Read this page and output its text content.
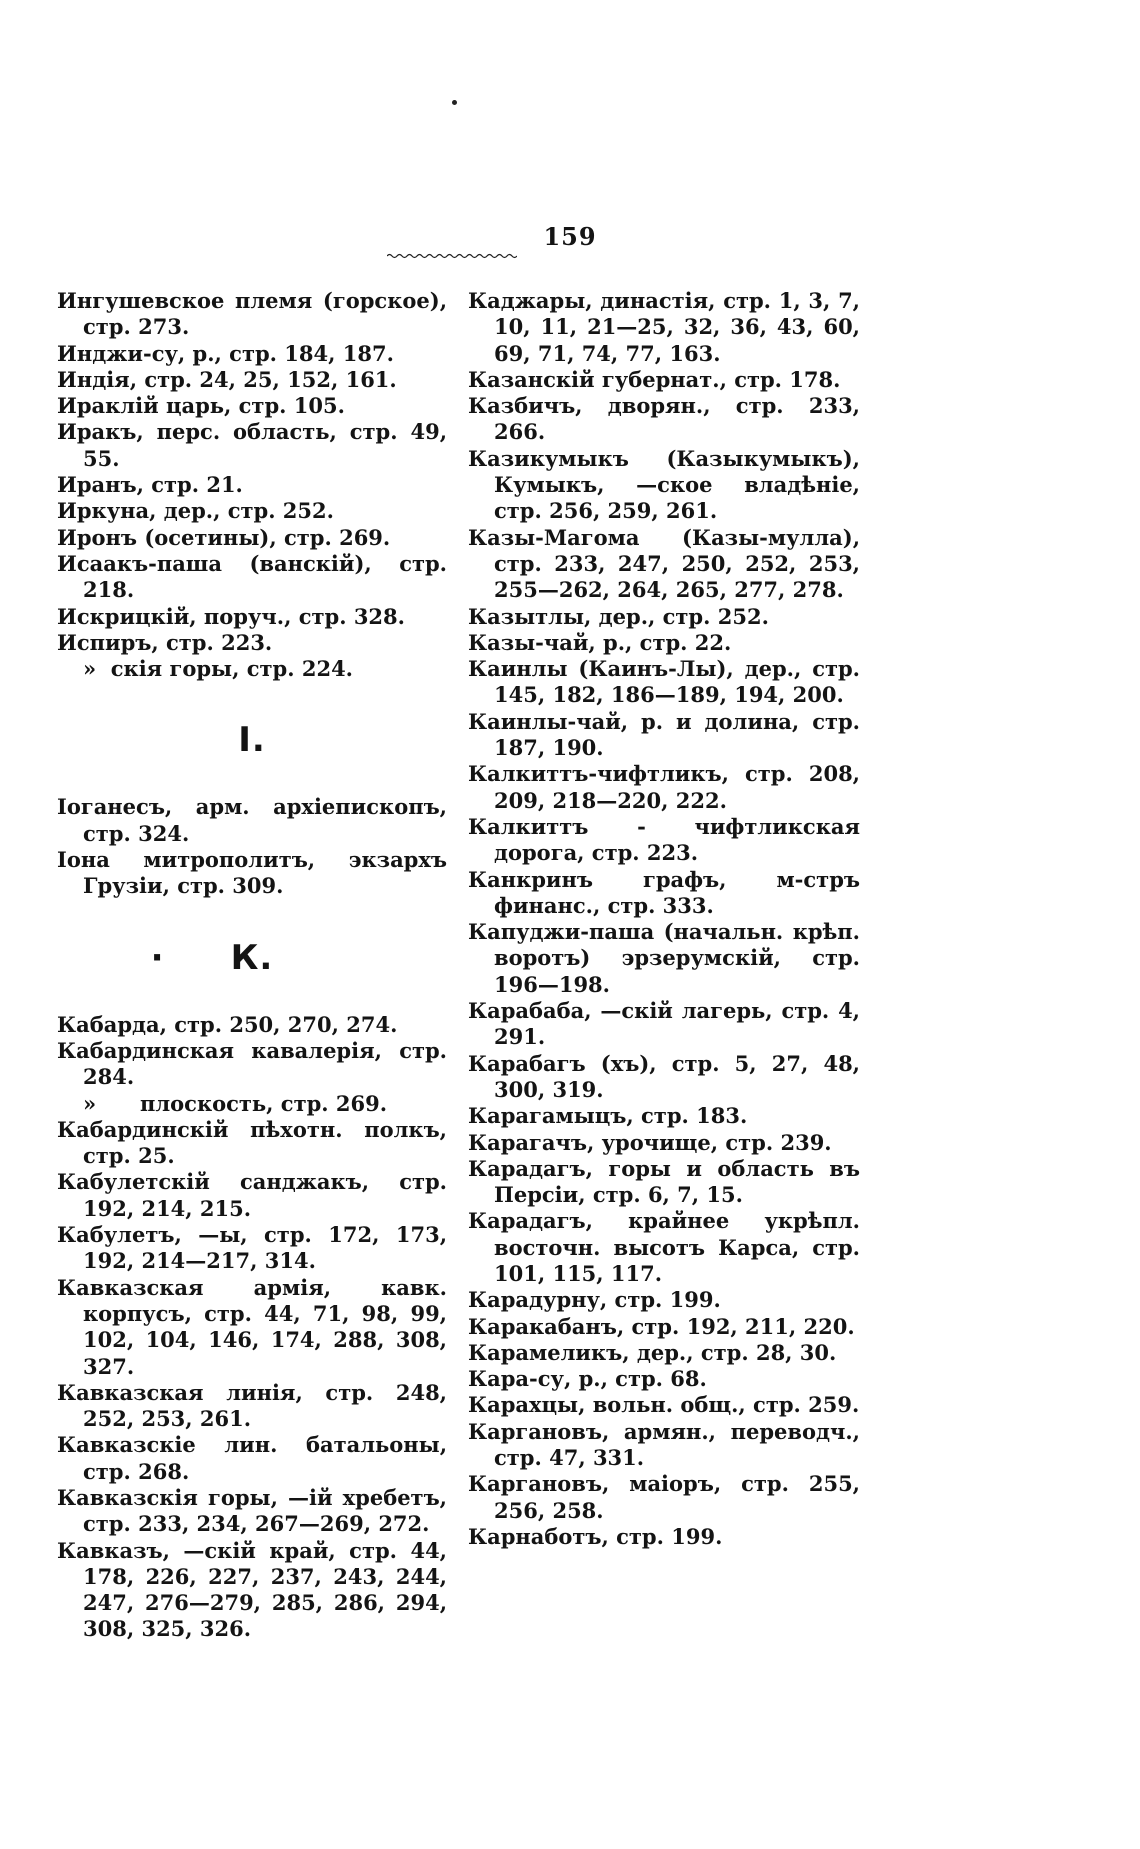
159

Ингушевское племя (горское), стр. 273.

Инджи-су, р., стр. 184, 187.

Индія, стр. 24, 25, 152, 161.

Ираклій царь, стр. 105.

Иракъ, перс. область, стр. 49, 55.

Иранъ, стр. 21.

Иркуна, дер., стр. 252.

Иронъ (осетины), стр. 269.

Исаакъ-паша (ванскій), стр. 218.

Искрицкій, поруч., стр. 328.

Испиръ, стр. 223.

»  скія горы, стр. 224.

І.

Іоганесъ, арм. архіепископъ, стр. 324.

Іона митрополитъ, экзархъ Грузіи, стр. 309.

· К.

Кабарда, стр. 250, 270, 274.

Кабардинская кавалерія, стр. 284.

»      плоскость, стр. 269.

Кабардинскій пѣхотн. полкъ, стр. 25.

Кабулетскій санджакъ, стр. 192, 214, 215.

Кабулетъ, —ы, стр. 172, 173, 192, 214—217, 314.

Кавказская армія, кавк. корпусъ, стр. 44, 71, 98, 99, 102, 104, 146, 174, 288, 308, 327.

Кавказская линія, стр. 248, 252, 253, 261.

Кавказскіе лин. батальоны, стр. 268.

Кавказскія горы, —ій хребетъ, стр. 233, 234, 267—269, 272.

Кавказъ, —скій край, стр. 44, 178, 226, 227, 237, 243, 244, 247, 276—279, 285, 286, 294, 308, 325, 326.

Каджары, династія, стр. 1, 3, 7, 10, 11, 21—25, 32, 36, 43, 60, 69, 71, 74, 77, 163.

Казанскій губернат., стр. 178.

Казбичъ, дворян., стр. 233, 266.

Казикумыкъ (Казыкумыкъ), Кумыкъ, —ское владѣніе, стр. 256, 259, 261.

Казы-Магома (Казы-мулла), стр. 233, 247, 250, 252, 253, 255—262, 264, 265, 277, 278.

Казытлы, дер., стр. 252.

Казы-чай, р., стр. 22.

Каинлы (Каинъ-Лы), дер., стр. 145, 182, 186—189, 194, 200.

Каинлы-чай, р. и долина, стр. 187, 190.

Калкиттъ-чифтликъ, стр. 208, 209, 218—220, 222.

Калкиттъ - чифтликская дорога, стр. 223.

Канкринъ графъ, м-стръ финанс., стр. 333.

Капуджи-паша (начальн. крѣп. воротъ) эрзерумскій, стр. 196—198.

Карабаба, —скій лагерь, стр. 4, 291.

Карабагъ (хъ), стр. 5, 27, 48, 300, 319.

Карагамыцъ, стр. 183.

Карагачъ, урочище, стр. 239.

Карадагъ, горы и область въ Персіи, стр. 6, 7, 15.

Карадагъ, крайнее укрѣпл. восточн. высотъ Карса, стр. 101, 115, 117.

Карадурну, стр. 199.

Каракабанъ, стр. 192, 211, 220.

Карамеликъ, дер., стр. 28, 30.

Кара-су, р., стр. 68.

Карахцы, вольн. общ., стр. 259.

Каргановъ, армян., переводч., стр. 47, 331.

Каргановъ, маіоръ, стр. 255, 256, 258.

Карнаботъ, стр. 199.
